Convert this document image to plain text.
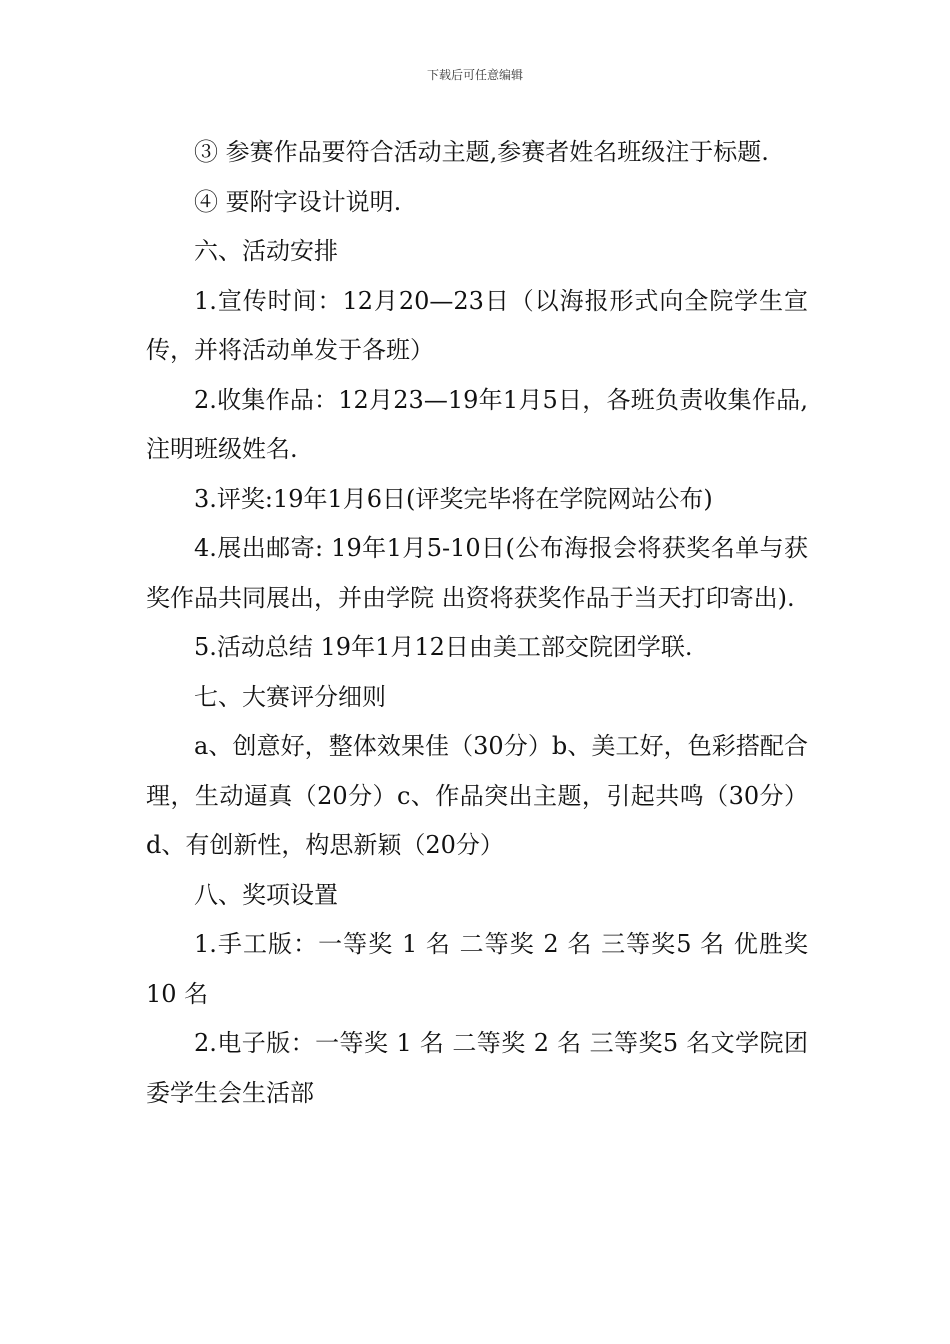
下载后可任意编辑

③ 参赛作品要符合活动主题,参赛者姓名班级注于标题.

④ 要附字设计说明.

六、活动安排

1.宣传时间：12月20—23日（以海报形式向全院学生宣传，并将活动单发于各班）

2.收集作品：12月23—19年1月5日，各班负责收集作品,注明班级姓名.

3.评奖:19年1月6日(评奖完毕将在学院网站公布)

4.展出邮寄: 19年1月5-10日(公布海报会将获奖名单与获奖作品共同展出，并由学院 出资将获奖作品于当天打印寄出).

5.活动总结 19年1月12日由美工部交院团学联.

七、大赛评分细则

a、创意好，整体效果佳（30分）b、美工好，色彩搭配合理，生动逼真（20分）c、作品突出主题，引起共鸣（30分）d、有创新性，构思新颖（20分）

八、奖项设置

1.手工版：一等奖 1 名 二等奖 2 名 三等奖5 名 优胜奖10 名

2.电子版：一等奖 1 名 二等奖 2 名 三等奖5 名文学院团委学生会生活部
